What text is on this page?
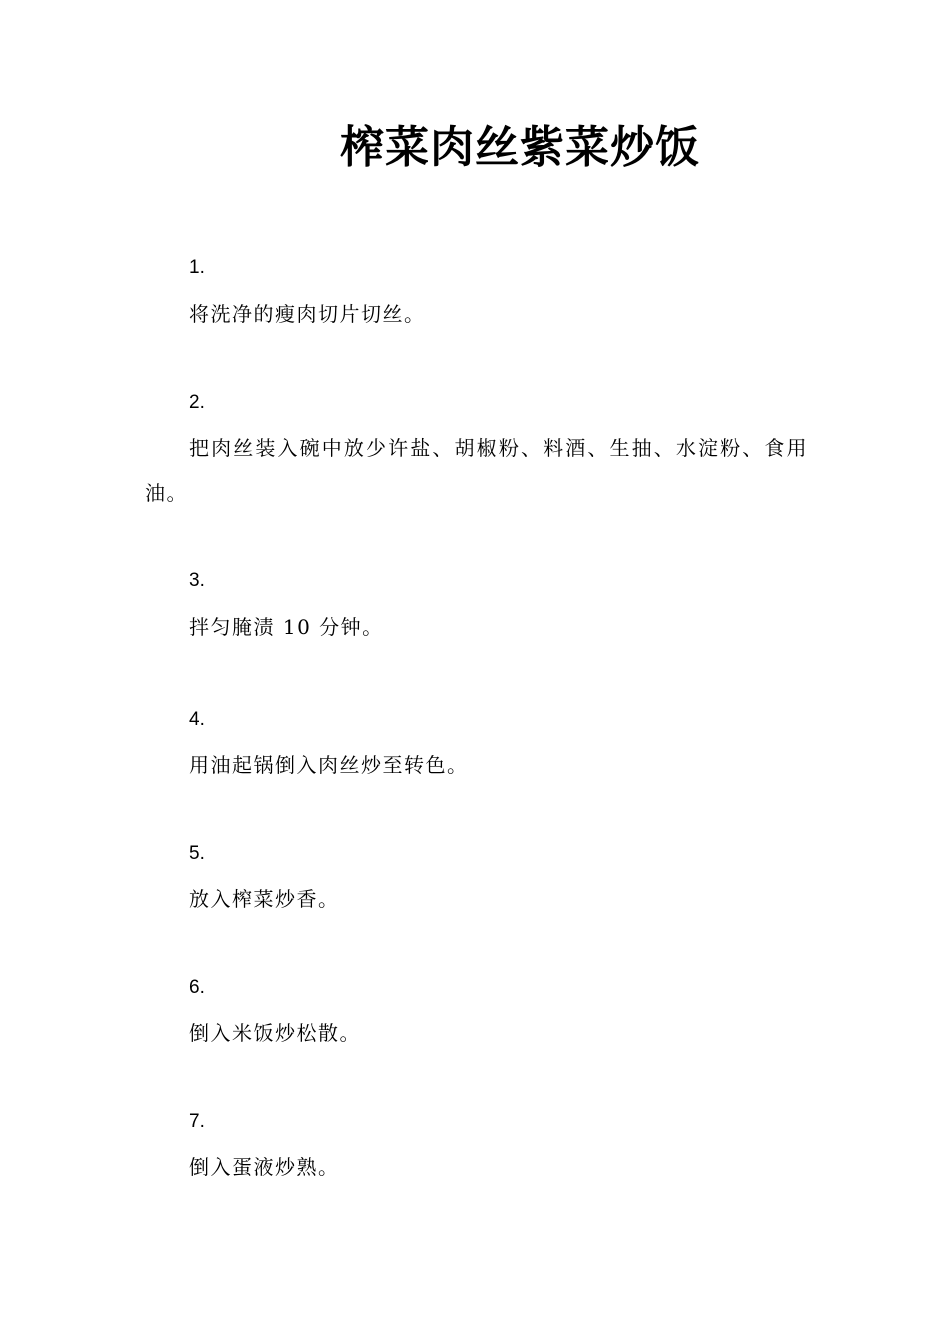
榨菜肉丝紫菜炒饭
1.
将洗净的瘦肉切片切丝。
2.
把肉丝装入碗中放少许盐、胡椒粉、料酒、生抽、水淀粉、食用油。
3.
拌匀腌渍 10 分钟。
4.
用油起锅倒入肉丝炒至转色。
5.
放入榨菜炒香。
6.
倒入米饭炒松散。
7.
倒入蛋液炒熟。
